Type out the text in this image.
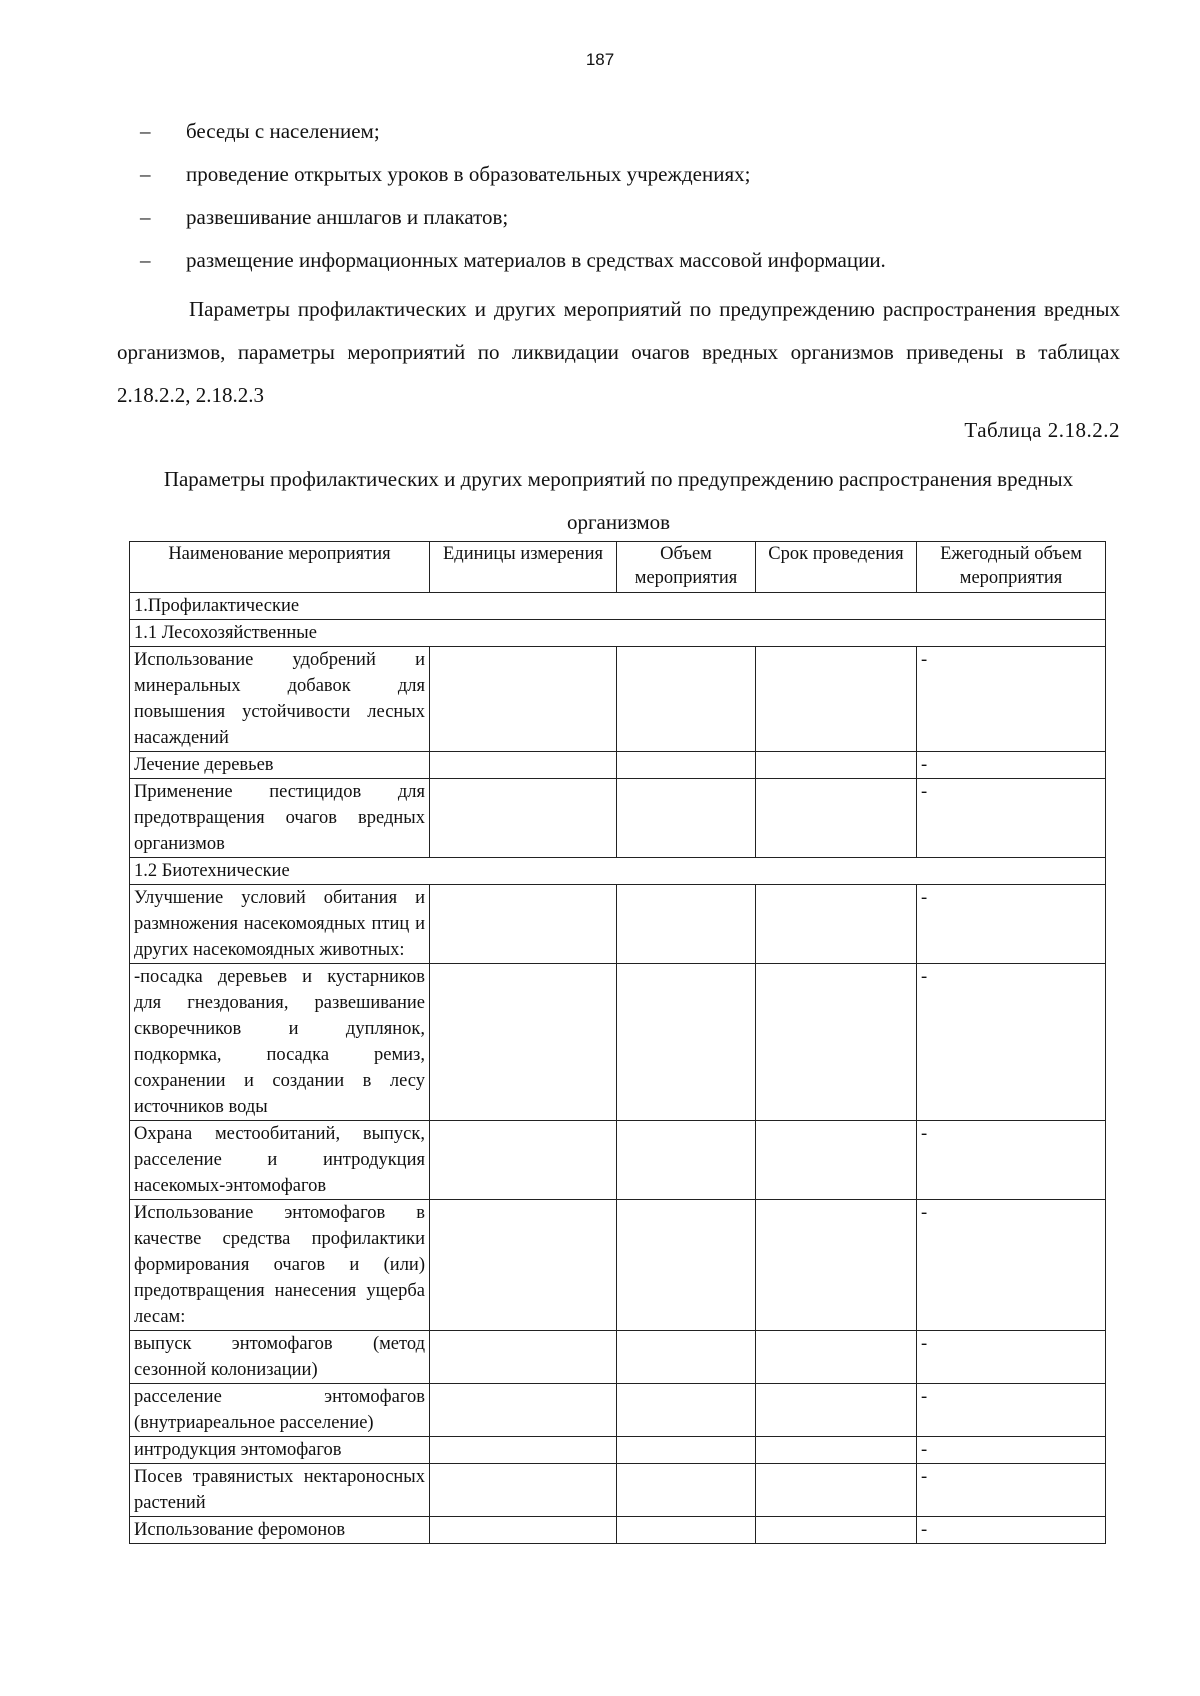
187
– беседы с населением;
– проведение открытых уроков в образовательных учреждениях;
– развешивание аншлагов и плакатов;
– размещение информационных материалов в средствах массовой информации.

Параметры профилактических и других мероприятий по предупреждению распространения вредных организмов, параметры мероприятий по ликвидации очагов вредных организмов приведены в таблицах 2.18.2.2, 2.18.2.3

Таблица 2.18.2.2
Параметры профилактических и других мероприятий по предупреждению распространения вредных организмов
Наименование мероприятия	Единицы измерения	Объем мероприятия	Срок проведения	Ежегодный объем мероприятия
1.Профилактические				
1.1 Лесохозяйственные				
Использование удобрений и минеральных добавок для повышения устойчивости лесных насаждений				-
Лечение деревьев				-
Применение пестицидов для предотвращения очагов вредных организмов				-
1.2 Биотехнические				
Улучшение условий обитания и размножения насекомоядных птиц и других насекомоядных животных:				-
-посадка деревьев и кустарников для гнездования, развешивание скворечников и дуплянок, подкормка, посадка ремиз, сохранении и создании в лесу источников воды				-
Охрана местообитаний, выпуск, расселение и интродукция насекомых-энтомофагов				-
Использование энтомофагов в качестве средства профилактики формирования очагов и (или) предотвращения нанесения ущерба лесам:				-
выпуск энтомофагов (метод сезонной колонизации)				-
расселение энтомофагов (внутриареальное расселение)				-
интродукция энтомофагов				-
Посев травянистых нектароносных растений				-
Использование феромонов				-
